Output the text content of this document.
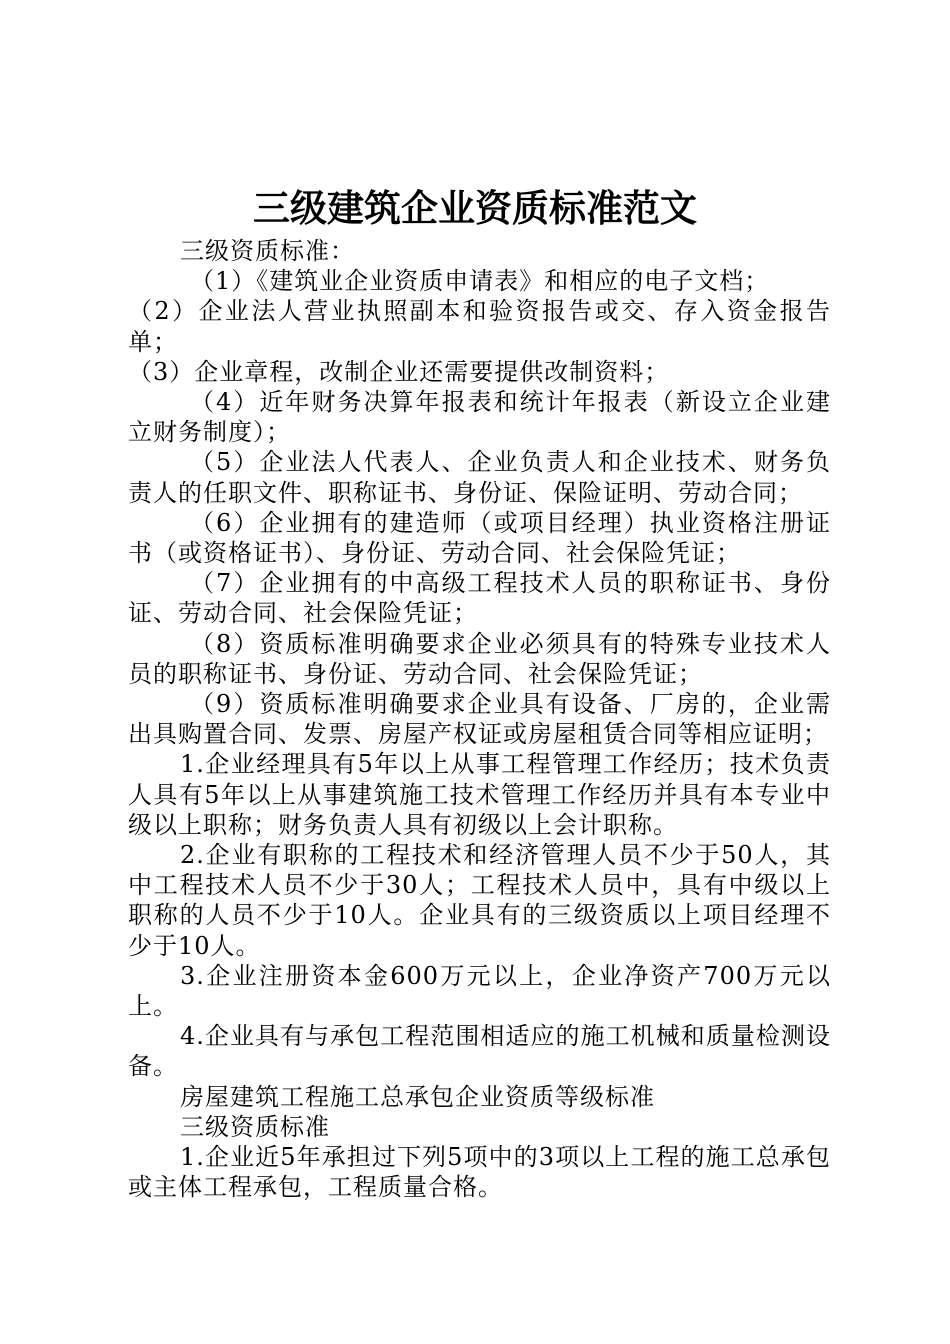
三级建筑企业资质标准范文

三级资质标准：

（1）《建筑业企业资质申请表》和相应的电子文档；

（2）企业法人营业执照副本和验资报告或交、存入资金报告单；

（3）企业章程，改制企业还需要提供改制资料；

（4）近年财务决算年报表和统计年报表（新设立企业建立财务制度）；

（5）企业法人代表人、企业负责人和企业技术、财务负责人的任职文件、职称证书、身份证、保险证明、劳动合同；

（6）企业拥有的建造师（或项目经理）执业资格注册证书（或资格证书）、身份证、劳动合同、社会保险凭证；

（7）企业拥有的中高级工程技术人员的职称证书、身份证、劳动合同、社会保险凭证；

（8）资质标准明确要求企业必须具有的特殊专业技术人员的职称证书、身份证、劳动合同、社会保险凭证；

（9）资质标准明确要求企业具有设备、厂房的，企业需出具购置合同、发票、房屋产权证或房屋租赁合同等相应证明；

1.企业经理具有5年以上从事工程管理工作经历；技术负责人具有5年以上从事建筑施工技术管理工作经历并具有本专业中级以上职称；财务负责人具有初级以上会计职称。

2.企业有职称的工程技术和经济管理人员不少于50人，其中工程技术人员不少于30人；工程技术人员中，具有中级以上职称的人员不少于10人。企业具有的三级资质以上项目经理不少于10人。

3.企业注册资本金600万元以上，企业净资产700万元以上。

4.企业具有与承包工程范围相适应的施工机械和质量检测设备。

房屋建筑工程施工总承包企业资质等级标准

三级资质标准

1.企业近5年承担过下列5项中的3项以上工程的施工总承包或主体工程承包，工程质量合格。
